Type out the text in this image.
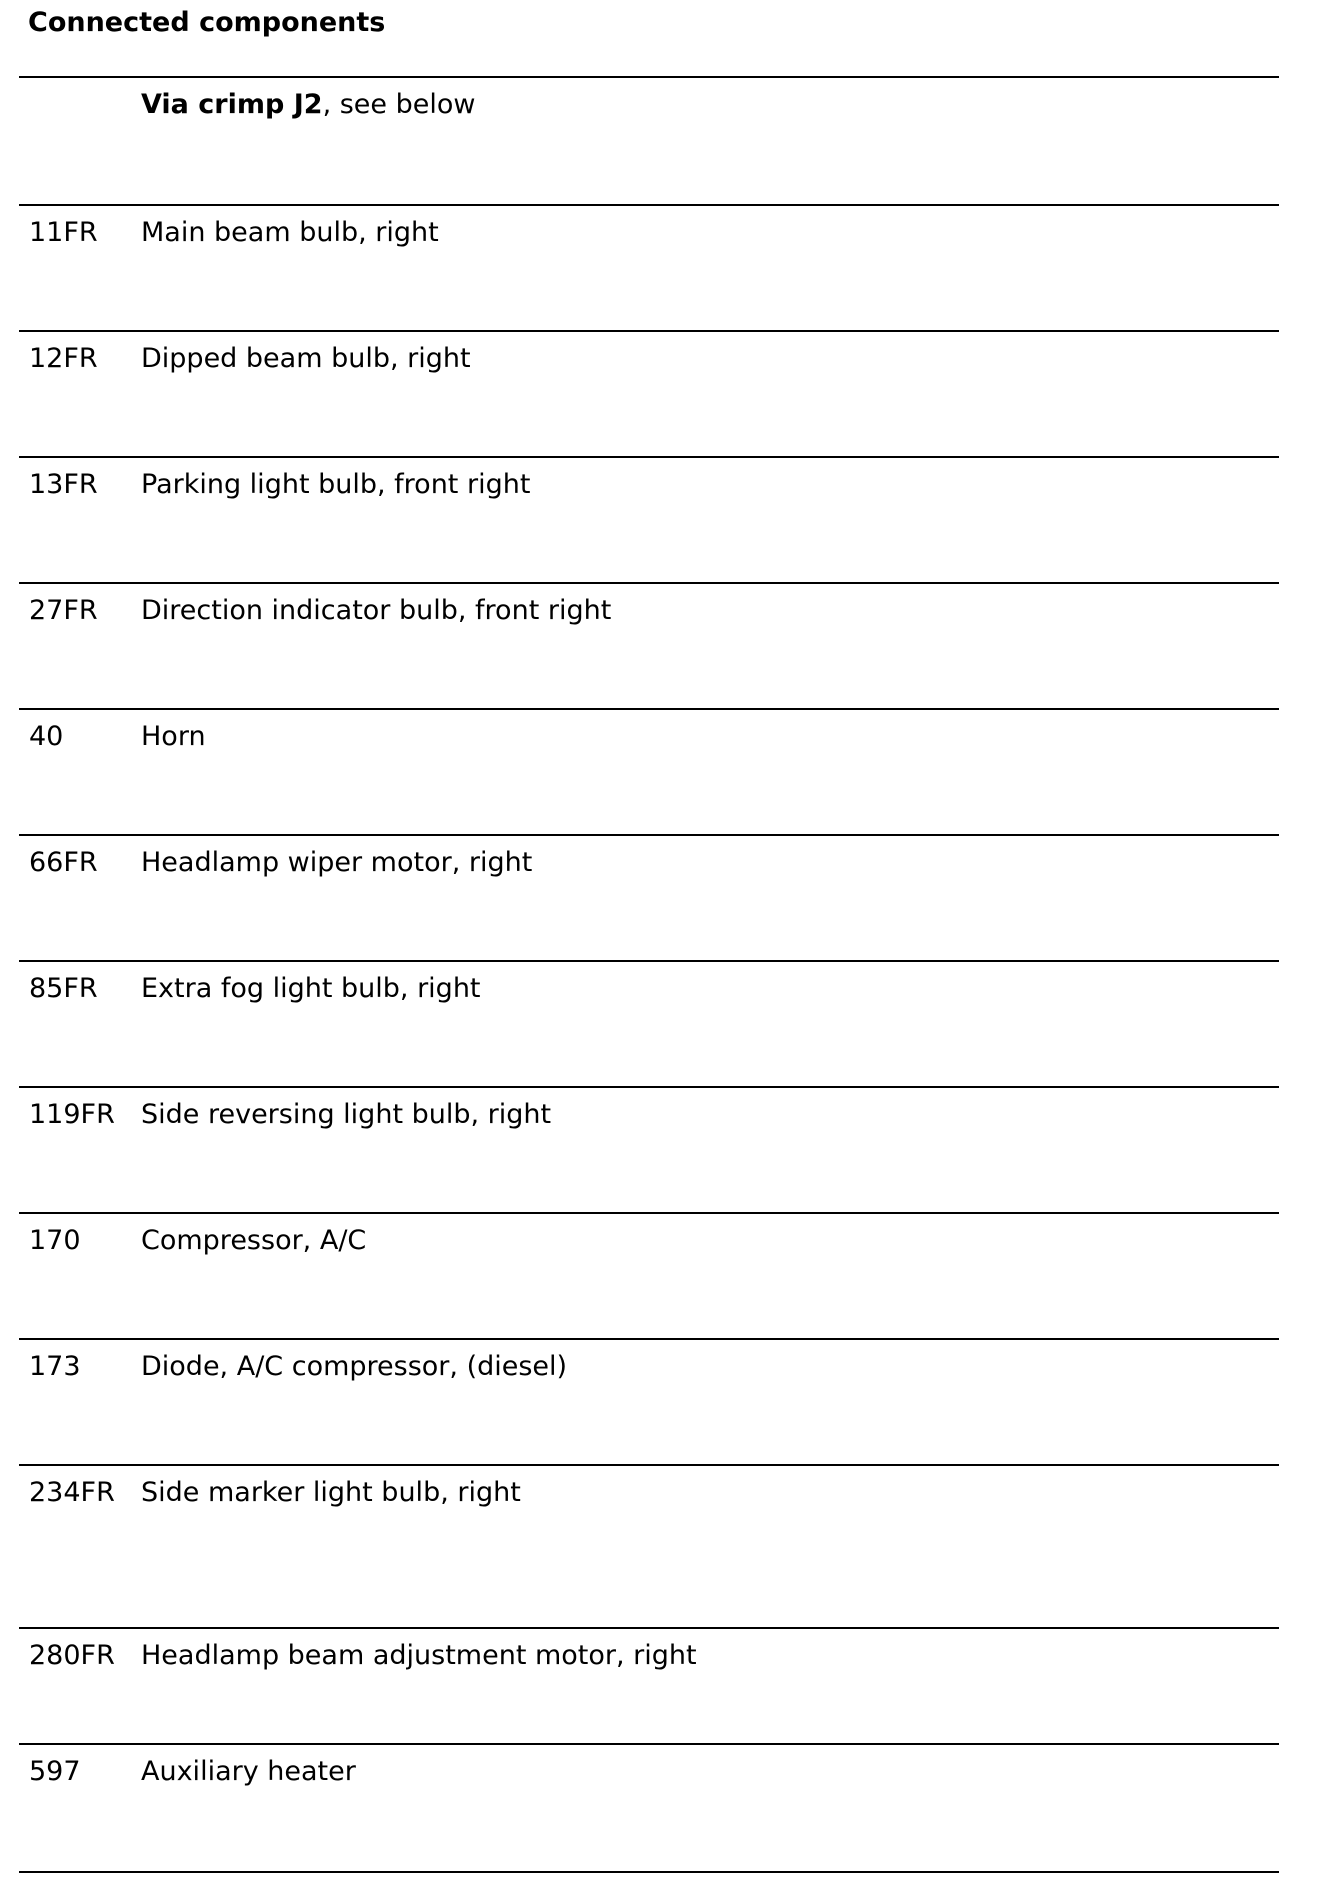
Connected components
Via crimp J2, see below
11FR Main beam bulb, right
12FR Dipped beam bulb, right
13FR Parking light bulb, front right
27FR Direction indicator bulb, front right
40	Horn
66FR Headlamp wiper motor, right
85FR Extra fog light bulb, right
119FR Side reversing light bulb, right
170 Compressor, A/C
173 Diode, A/C compressor, (diesel)
234FR Side marker light bulb, right
280FR Headlamp beam adjustment motor, right
597 Auxiliary heater
